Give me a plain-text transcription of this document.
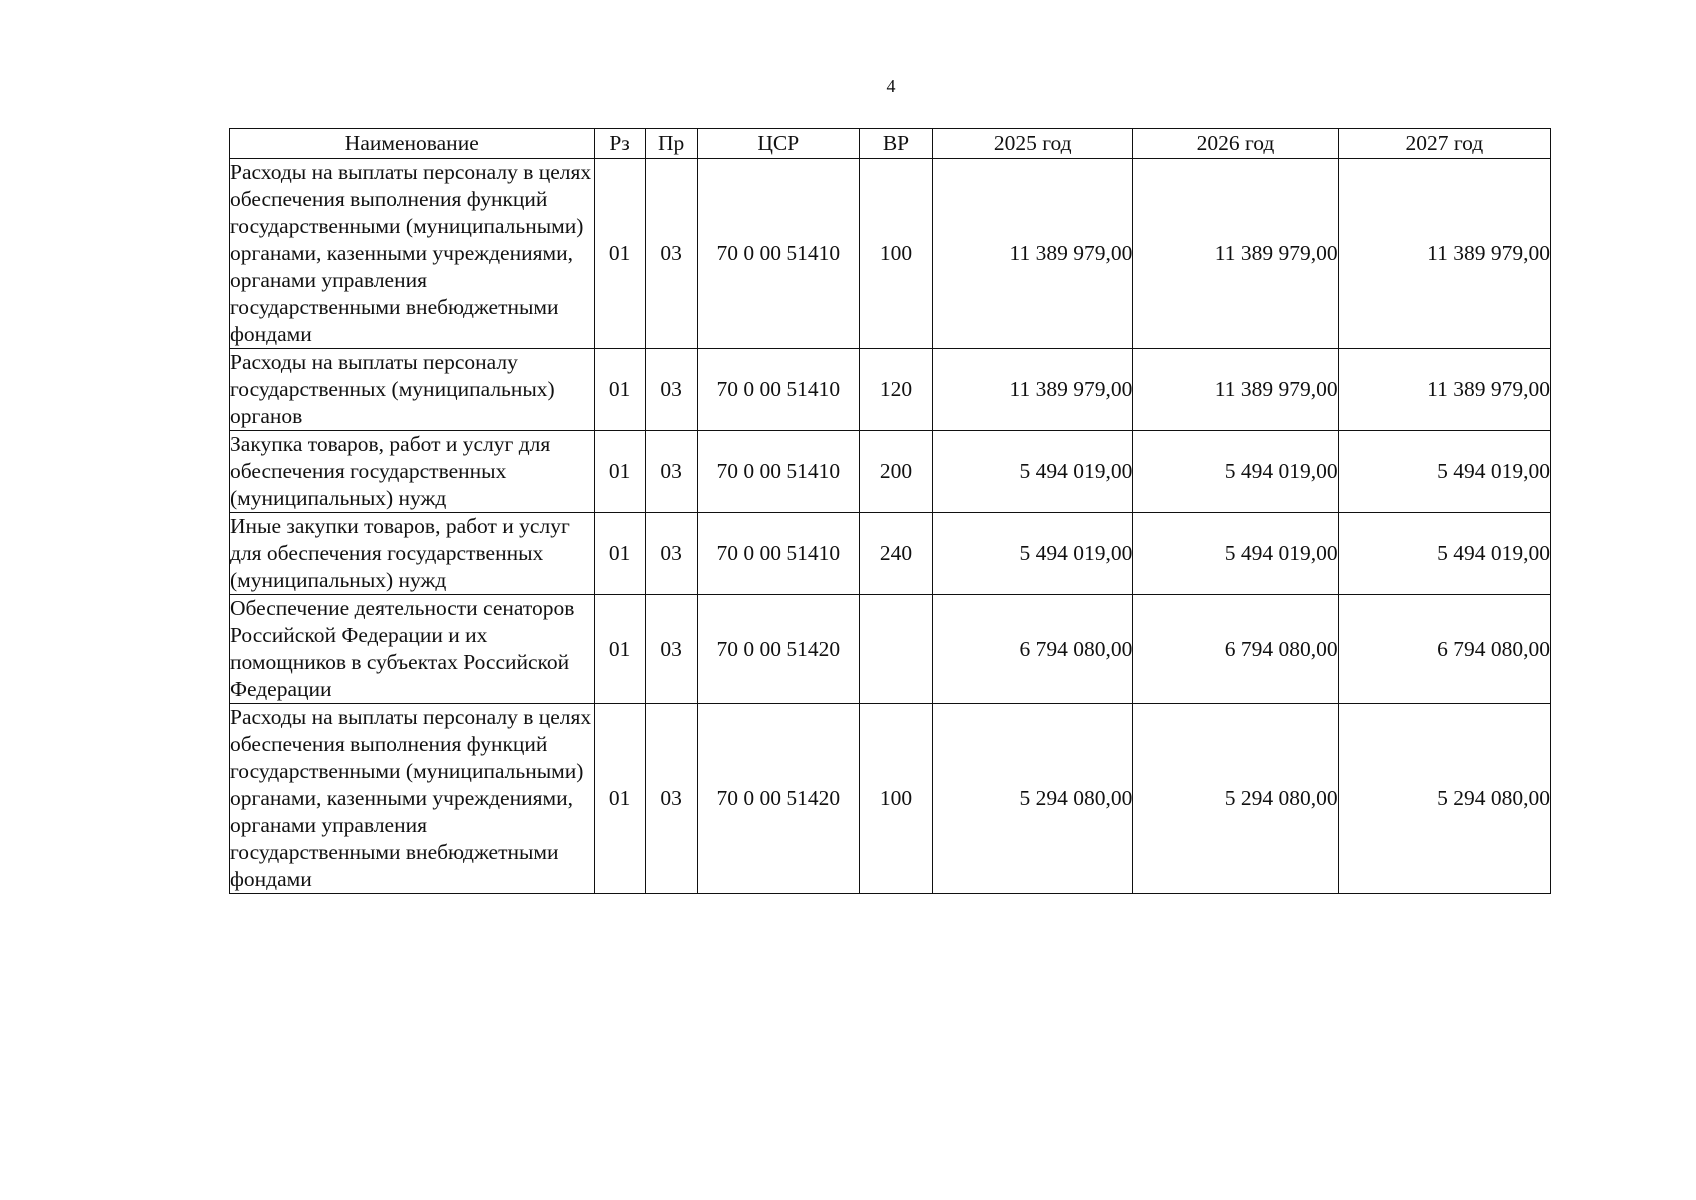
4
Наименование	Рз	Пр	ЦСР	ВР	2025 год	2026 год	2027 год
Расходы на выплаты персоналу в целях обеспечения выполнения функций государственными (муниципальными) органами, казенными учреждениями, органами управления государственными внебюджетными фондами	01	03	70 0 00 51410	100	11 389 979,00	11 389 979,00	11 389 979,00
Расходы на выплаты персоналу государственных (муниципальных) органов	01	03	70 0 00 51410	120	11 389 979,00	11 389 979,00	11 389 979,00
Закупка товаров, работ и услуг для обеспечения государственных (муниципальных) нужд	01	03	70 0 00 51410	200	5 494 019,00	5 494 019,00	5 494 019,00
Иные закупки товаров, работ и услуг для обеспечения государственных (муниципальных) нужд	01	03	70 0 00 51410	240	5 494 019,00	5 494 019,00	5 494 019,00
Обеспечение деятельности сенаторов Российской Федерации и их помощников в субъектах Российской Федерации	01	03	70 0 00 51420		6 794 080,00	6 794 080,00	6 794 080,00
Расходы на выплаты персоналу в целях обеспечения выполнения функций государственными (муниципальными) органами, казенными учреждениями, органами управления государственными внебюджетными фондами	01	03	70 0 00 51420	100	5 294 080,00	5 294 080,00	5 294 080,00
